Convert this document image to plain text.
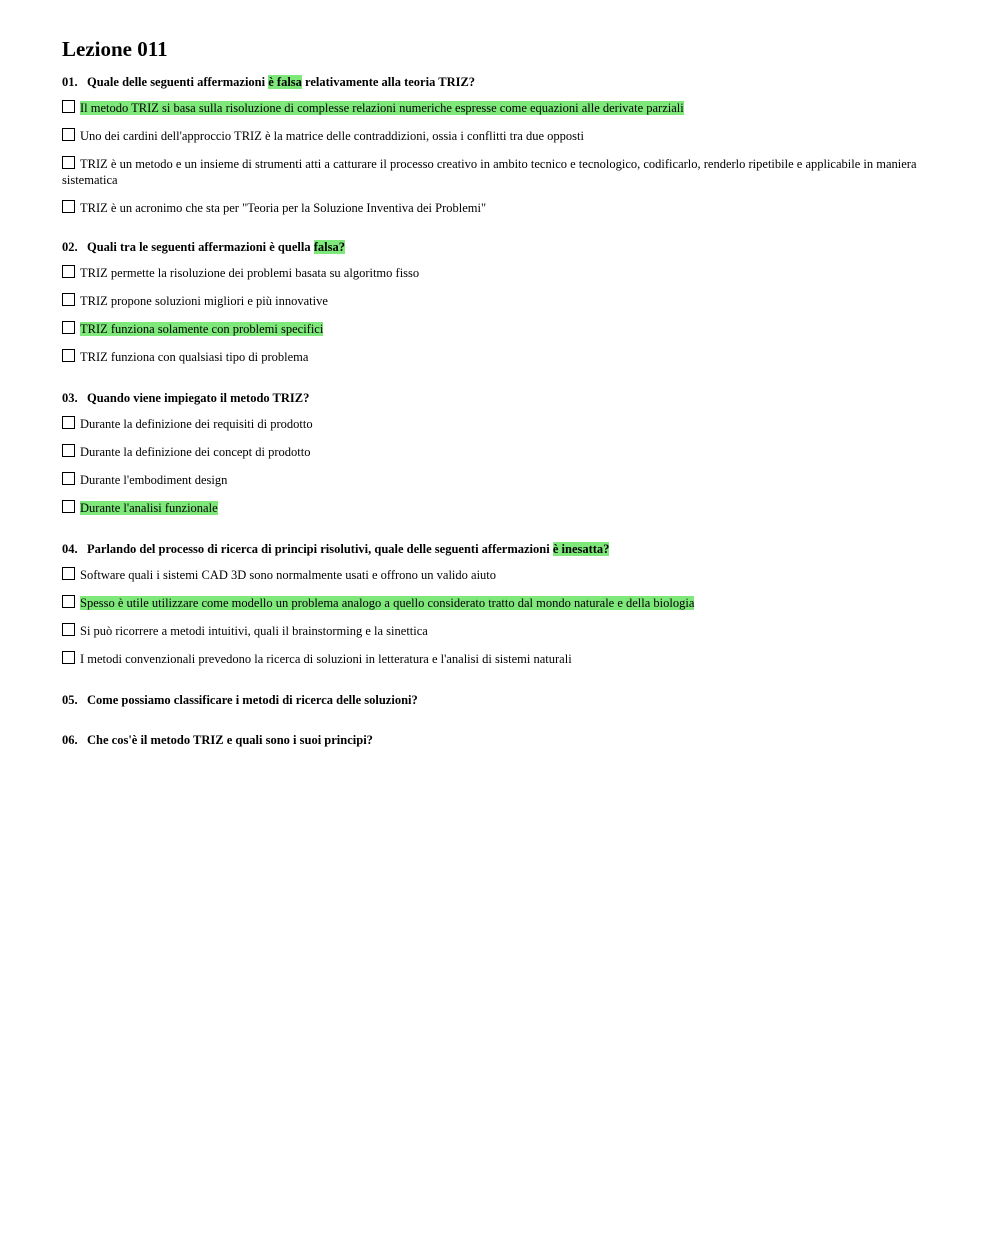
Lezione 011
01. Quale delle seguenti affermazioni è falsa relativamente alla teoria TRIZ?
Il metodo TRIZ si basa sulla risoluzione di complesse relazioni numeriche espresse come equazioni alle derivate parziali
Uno dei cardini dell'approccio TRIZ è la matrice delle contraddizioni, ossia i conflitti tra due opposti
TRIZ è un metodo e un insieme di strumenti atti a catturare il processo creativo in ambito tecnico e tecnologico, codificarlo, renderlo ripetibile e applicabile in maniera sistematica
TRIZ è un acronimo che sta per "Teoria per la Soluzione Inventiva dei Problemi"
02. Quali tra le seguenti affermazioni è quella falsa?
TRIZ permette la risoluzione dei problemi basata su algoritmo fisso
TRIZ propone soluzioni migliori e più innovative
TRIZ funziona solamente con problemi specifici
TRIZ funziona con qualsiasi tipo di problema
03. Quando viene impiegato il metodo TRIZ?
Durante la definizione dei requisiti di prodotto
Durante la definizione dei concept di prodotto
Durante l'embodiment design
Durante l'analisi funzionale
04. Parlando del processo di ricerca di principi risolutivi, quale delle seguenti affermazioni è inesatta?
Software quali i sistemi CAD 3D sono normalmente usati e offrono un valido aiuto
Spesso è utile utilizzare come modello un problema analogo a quello considerato tratto dal mondo naturale e della biologia
Si può ricorrere a metodi intuitivi, quali il brainstorming e la sinettica
I metodi convenzionali prevedono la ricerca di soluzioni in letteratura e l'analisi di sistemi naturali
05. Come possiamo classificare i metodi di ricerca delle soluzioni?
06. Che cos'è il metodo TRIZ e quali sono i suoi principi?
